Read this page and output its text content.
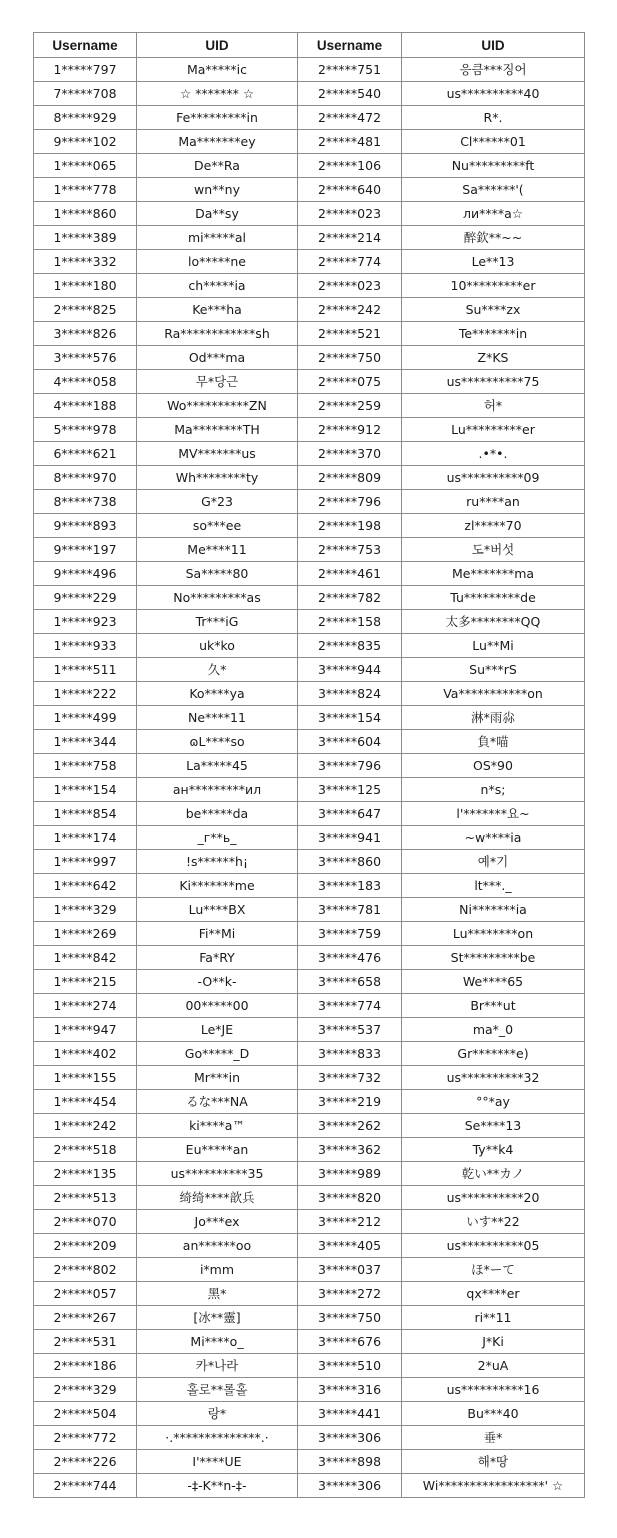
Username	UID	Username	UID
1*****797	Ma*****ic	2*****751	응큼***징어
7*****708	☆ ******* ☆	2*****540	us**********40
8*****929	Fe*********in	2*****472	R*.
9*****102	Ma*******ey	2*****481	Cl******01
1*****065	De**Ra	2*****106	Nu*********ft
1*****778	wn**ny	2*****640	Sa******'(
1*****860	Da**sy	2*****023	ли****a☆
1*****389	mi*****al	2*****214	醉欽**~~
1*****332	lo*****ne	2*****774	Le**13
1*****180	ch*****ia	2*****023	10*********er
2*****825	Ke***ha	2*****242	Su****zx
3*****826	Ra************sh	2*****521	Te*******in
3*****576	Od***ma	2*****750	Z*KS
4*****058	무*당근	2*****075	us**********75
4*****188	Wo**********ZN	2*****259	허*
5*****978	Ma********TH	2*****912	Lu*********er
6*****621	MV*******us	2*****370	.•*•.
8*****970	Wh********ty	2*****809	us**********09
8*****738	G*23	2*****796	ru****an
9*****893	so***ee	2*****198	zl*****70
9*****197	Me****11	2*****753	도*버섯
9*****496	Sa*****80	2*****461	Me*******ma
9*****229	No*********as	2*****782	Tu*********de
1*****923	Tr***iG	2*****158	太多********QQ
1*****933	uk*ko	2*****835	Lu**Mi
1*****511	久*	3*****944	Su***rS
1*****222	Ko****ya	3*****824	Va***********on
1*****499	Ne****11	3*****154	淋*雨尛
1*****344	ɷL****so	3*****604	負*喵
1*****758	La*****45	3*****796	OS*90
1*****154	ан*********ил	3*****125	n*s;
1*****854	be*****da	3*****647	l'*******요~
1*****174	_г**ь_	3*****941	~w****ia
1*****997	!s******h¡	3*****860	예*기
1*****642	Ki*******me	3*****183	lt***._
1*****329	Lu****BX	3*****781	Ni*******ia
1*****269	Fi**Mi	3*****759	Lu********on
1*****842	Fa*RY	3*****476	St*********be
1*****215	-O**k-	3*****658	We****65
1*****274	00*****00	3*****774	Br***ut
1*****947	Le*JE	3*****537	ma*_0
1*****402	Go*****_D	3*****833	Gr*******e)
1*****155	Mr***in	3*****732	us**********32
1*****454	るな***NA	3*****219	°°*ay
1*****242	ki****a™	3*****262	Se****13
2*****518	Eu*****an	3*****362	Ty**k4
2*****135	us**********35	3*****989	乾い**カノ
2*****513	绮绮****歆兵	3*****820	us**********20
2*****070	Jo***ex	3*****212	いす**22
2*****209	an******oo	3*****405	us**********05
2*****802	i*mm	3*****037	ほ*ーて
2*****057	黑*	3*****272	qx****er
2*****267	[冰**靈]	3*****750	ri**11
2*****531	Mi****o_	3*****676	J*Ki
2*****186	카*나라	3*****510	2*uA
2*****329	홀로**롤홀	3*****316	us**********16
2*****504	랑*	3*****441	Bu***40
2*****772	·.**************.·	3*****306	垂*
2*****226	I'****UE	3*****898	해*땅
2*****744	-‡-K**n-‡-	3*****306	Wi*****************' ☆
